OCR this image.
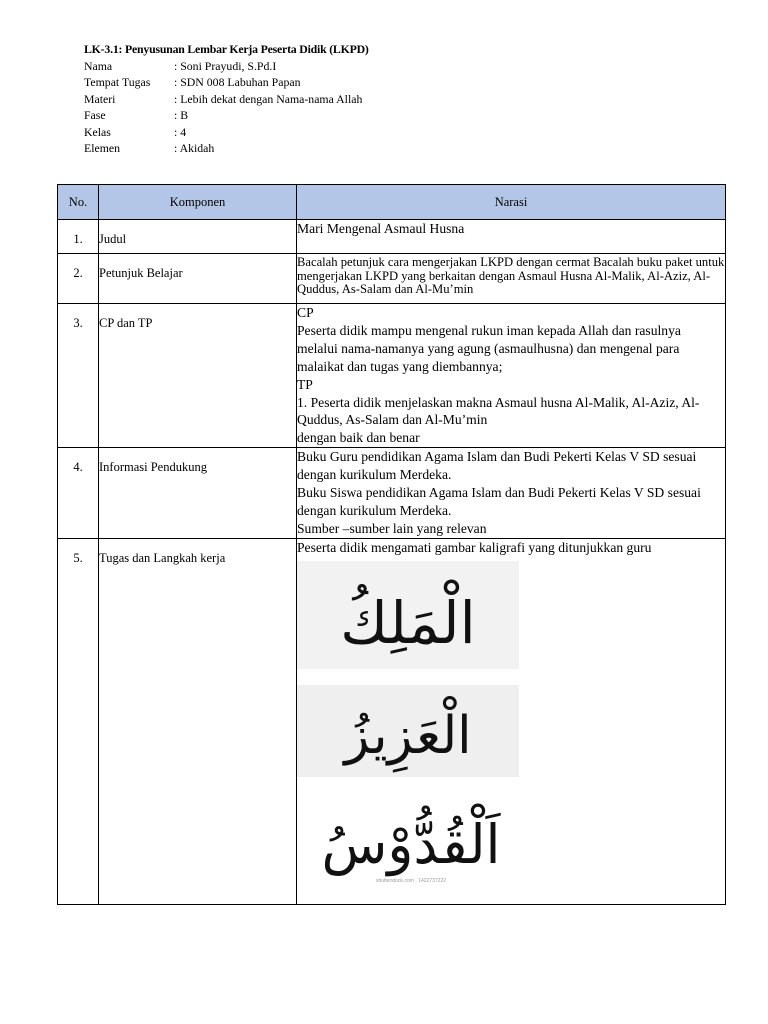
LK-3.1: Penyusunan Lembar Kerja Peserta Didik (LKPD)
Nama	: Soni Prayudi, S.Pd.I
Tempat Tugas	: SDN 008 Labuhan Papan
Materi	: Lebih dekat dengan Nama-nama Allah
Fase	: B
Kelas	: 4
Elemen	: Akidah
No.	Komponen	Narasi

1.	Judul	Mari Mengenal Asmaul Husna

2.	Petunjuk Belajar	Bacalah petunjuk cara mengerjakan LKPD dengan cermat Bacalah buku paket untuk mengerjakan LKPD yang berkaitan dengan Asmaul Husna Al-Malik, Al-Aziz, Al-Quddus, As-Salam dan Al-Mu’min

3.	CP dan TP	CP
Peserta didik mampu mengenal rukun iman kepada Allah dan rasulnya melalui nama-namanya yang agung (asmaulhusna) dan mengenal para malaikat dan tugas yang diembannya;
TP
1. Peserta didik menjelaskan makna Asmaul husna Al-Malik, Al-Aziz, Al-Quddus, As-Salam dan Al-Mu’min
dengan baik dan benar

4.	Informasi Pendukung	Buku Guru pendidikan Agama Islam dan Budi Pekerti Kelas V SD sesuai dengan kurikulum Merdeka.
Buku Siswa pendidikan Agama Islam dan Budi Pekerti Kelas V SD sesuai dengan kurikulum Merdeka.
Sumber –sumber lain yang relevan

5.	Tugas dan Langkah kerja	Peserta didik mengamati gambar kaligrafi yang ditunjukkan guru
الْمَلِكُ
الْعَزِيزُ
اَلْقُدُّوْسُ
shutterstock.com · 1422737222
